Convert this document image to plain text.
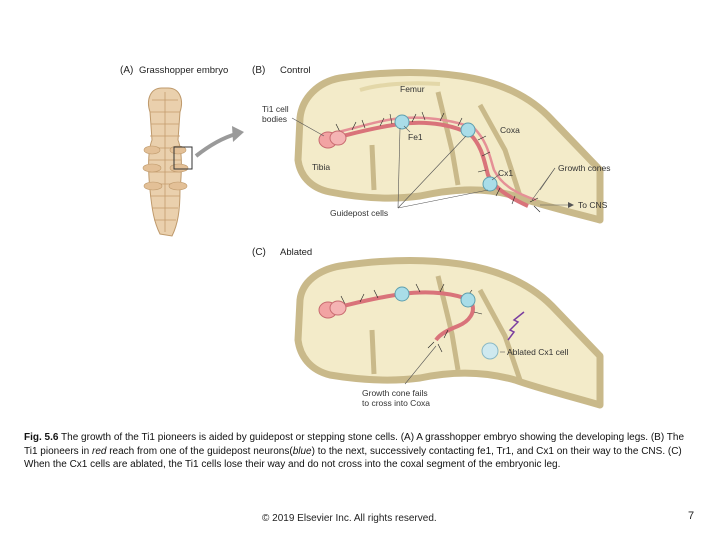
(A) Grasshopper embryo (B) Control
(C) Ablated
Femur
Ti1 cell
bodies
Fe1
Coxa
Cx1
Tibia	Growth cones
To CNS
Guidepost cells
Ablated Cx1 cell
Growth cone fails
to cross into Coxa

Fig. 5.6 The growth of the Ti1 pioneers is aided by guidepost or stepping stone cells. (A) A grasshopper embryo showing the developing legs. (B) The Ti1 pioneers in red reach from one of the guidepost neurons(blue) to the next, successively contacting fe1, Tr1, and Cx1 on their way to the CNS. (C) When the Cx1 cells are ablated, the Ti1 cells lose their way and do not cross into the coxal segment of the embryonic leg.

© 2019 Elsevier Inc. All rights reserved.	7
